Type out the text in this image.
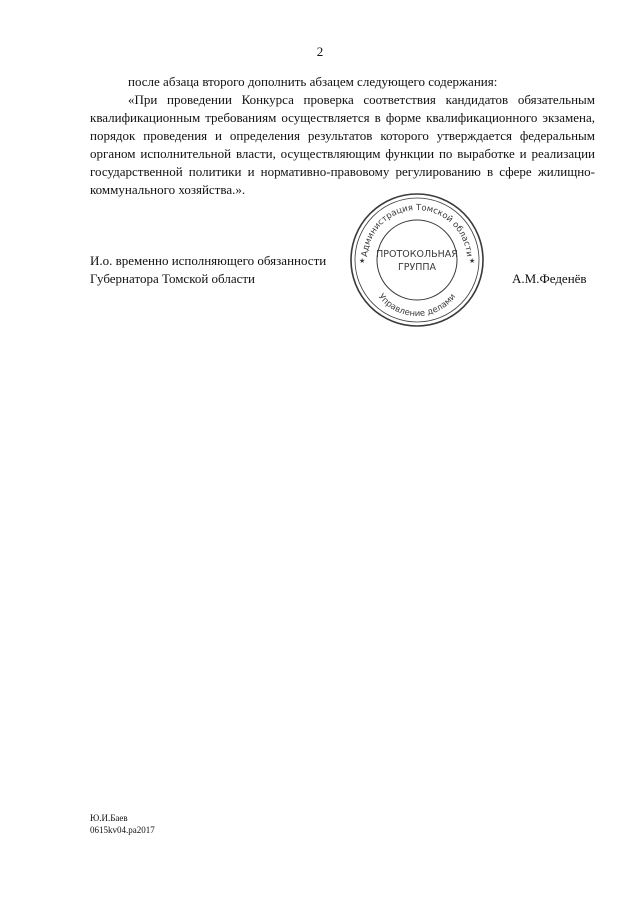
2

после абзаца второго дополнить абзацем следующего содержания:

«При проведении Конкурса проверка соответствия кандидатов обязательным квалификационным требованиям осуществляется в форме квалификационного экзамена, порядок проведения и определения результатов которого утверждается федеральным органом исполнительной власти, осуществляющим функции по выработке и реализации государственной политики и нормативно-правовому регулированию в сфере жилищно-коммунального хозяйства.».

И.о. временно исполняющего обязанности
Губернатора Томской области
Администрация Томской области
Управление делами
ПРОТОКОЛЬНАЯ
ГРУППА
★	★
А.М.Феденёв
Ю.И.Баев
0615kv04.pa2017
